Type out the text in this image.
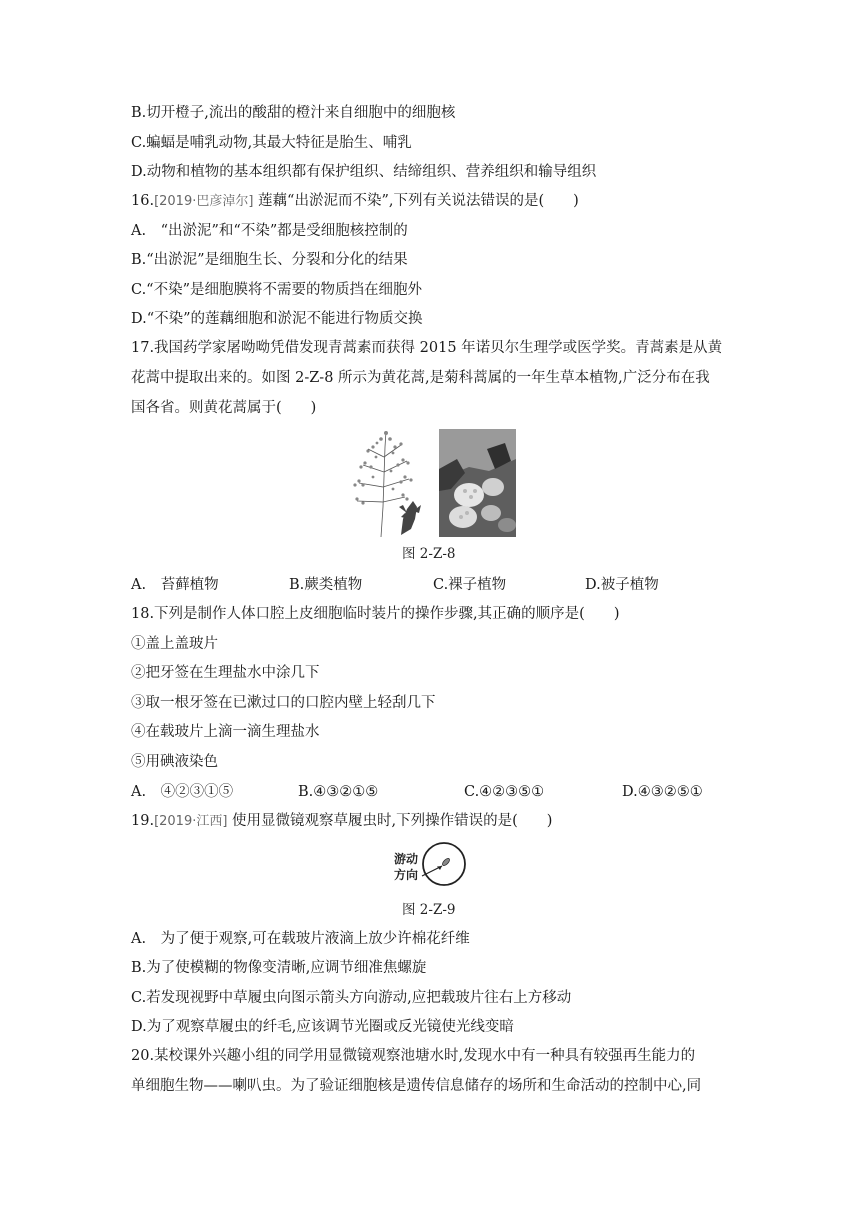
B.切开橙子,流出的酸甜的橙汁来自细胞中的细胞核
C.蝙蝠是哺乳动物,其最大特征是胎生、哺乳
D.动物和植物的基本组织都有保护组织、结缔组织、营养组织和输导组织
16.[2019·巴彦淖尔] 莲藕“出淤泥而不染”,下列有关说法错误的是(　　)
A.　“出淤泥”和“不染”都是受细胞核控制的
B.“出淤泥”是细胞生长、分裂和分化的结果
C.“不染”是细胞膜将不需要的物质挡在细胞外
D.“不染”的莲藕细胞和淤泥不能进行物质交换
17.我国药学家屠呦呦凭借发现青蒿素而获得 2015 年诺贝尔生理学或医学奖。青蒿素是从黄
花蒿中提取出来的。如图 2-Z-8 所示为黄花蒿,是菊科蒿属的一年生草本植物,广泛分布在我
国各省。则黄花蒿属于(　　)
图 2-Z-8
A.　苔藓植物	B.蕨类植物	C.裸子植物	D.被子植物
18.下列是制作人体口腔上皮细胞临时装片的操作步骤,其正确的顺序是(　　)
①盖上盖玻片
②把牙签在生理盐水中涂几下
③取一根牙签在已漱过口的口腔内壁上轻刮几下
④在载玻片上滴一滴生理盐水
⑤用碘液染色
A.　④②③①⑤	B.④③②①⑤	C.④②③⑤①	D.④③②⑤①
19.[2019·江西] 使用显微镜观察草履虫时,下列操作错误的是(　　)
游动
方向
图 2-Z-9
A.　为了便于观察,可在载玻片液滴上放少许棉花纤维
B.为了使模糊的物像变清晰,应调节细准焦螺旋
C.若发现视野中草履虫向图示箭头方向游动,应把载玻片往右上方移动
D.为了观察草履虫的纤毛,应该调节光圈或反光镜使光线变暗
20.某校课外兴趣小组的同学用显微镜观察池塘水时,发现水中有一种具有较强再生能力的
单细胞生物——喇叭虫。为了验证细胞核是遗传信息储存的场所和生命活动的控制中心,同
